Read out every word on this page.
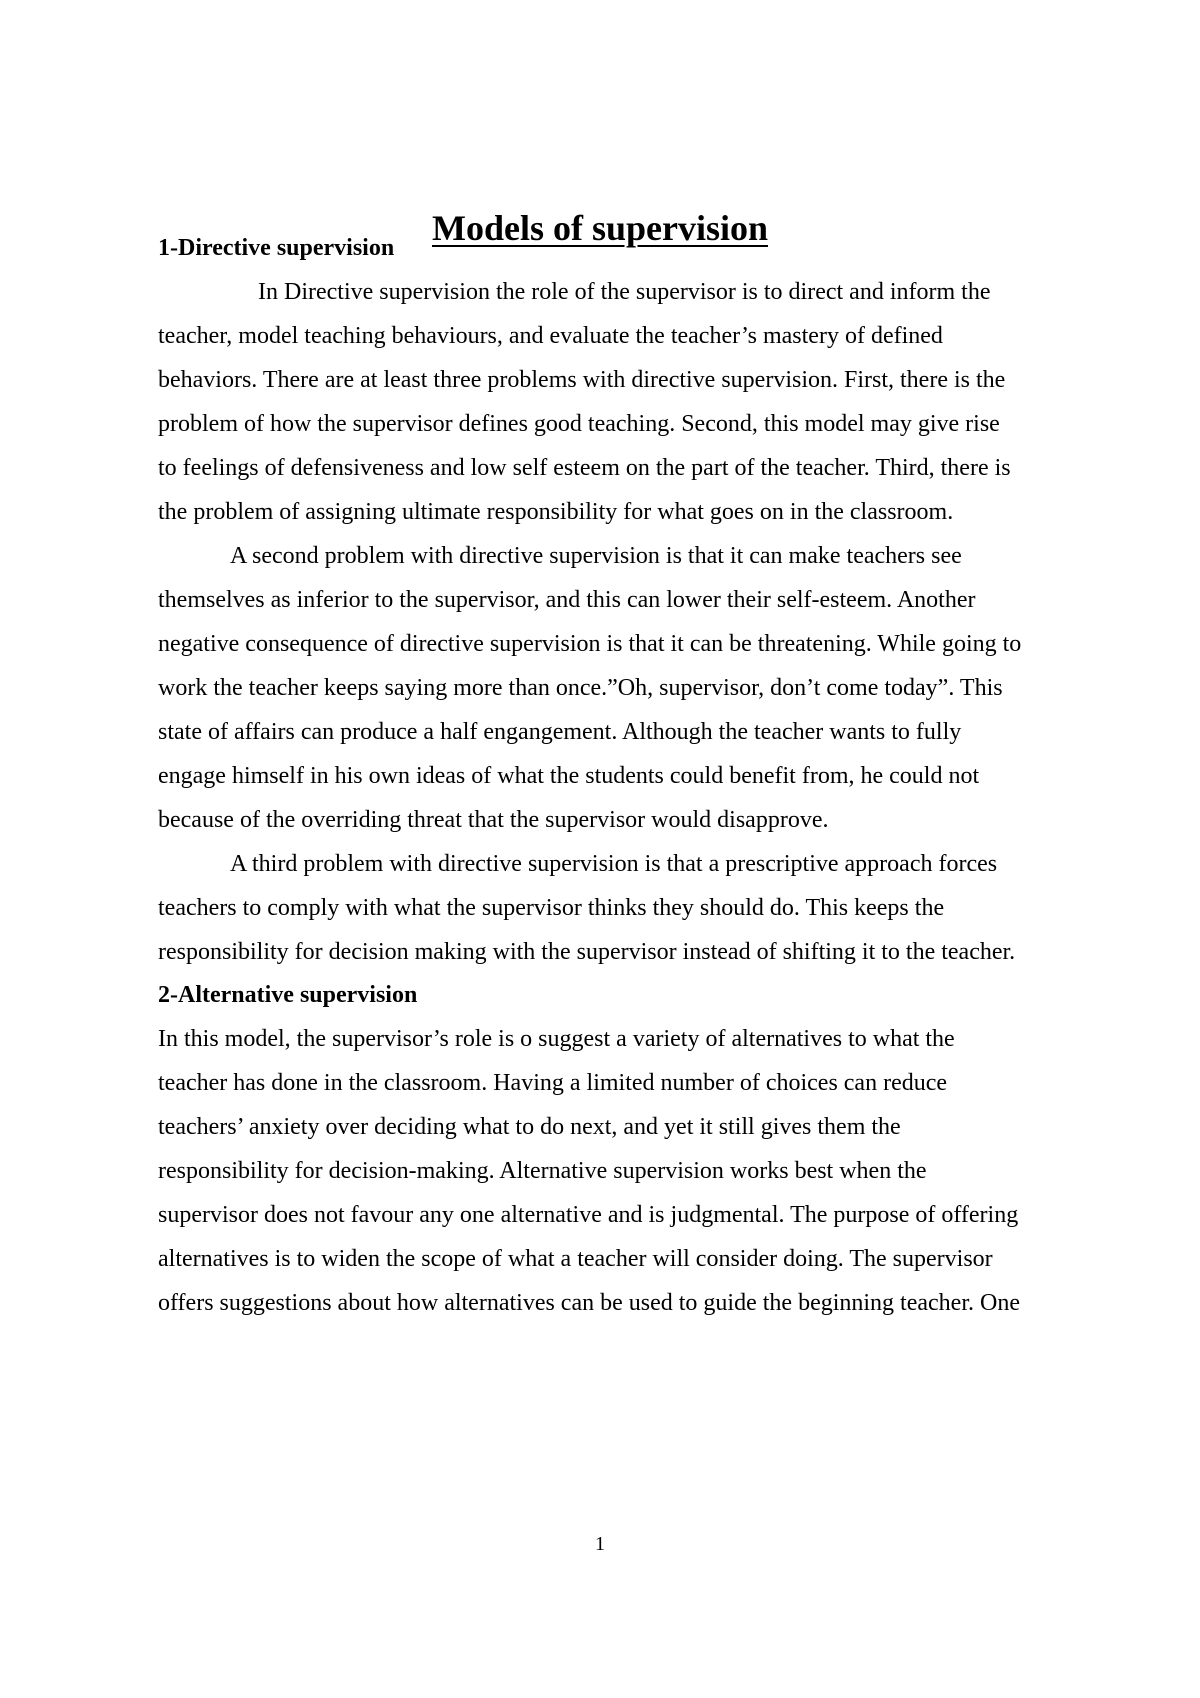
Models of supervision
1-Directive supervision
In Directive supervision the role of the supervisor is to direct and inform the
teacher, model teaching behaviours, and evaluate the teacher’s mastery of defined
behaviors. There are at least three problems with directive supervision. First, there is the
problem of how the supervisor defines good teaching. Second, this model may give rise
to feelings of defensiveness and low self esteem on the part of the teacher. Third, there is
the problem of assigning ultimate responsibility for what goes on in the classroom.
A second problem with directive supervision is that it can make teachers see
themselves as inferior to the supervisor, and this can lower their self-esteem. Another
negative consequence of directive supervision is that it can be threatening. While going to
work the teacher keeps saying more than once.”Oh, supervisor, don’t come today”. This
state of affairs can produce a half engangement. Although the teacher wants to fully
engage himself in his own ideas of what the students could benefit from, he could not
because of the overriding threat that the supervisor would disapprove.
A third problem with directive supervision is that a prescriptive approach forces
teachers to comply with what the supervisor thinks they should do. This keeps the
responsibility for decision making with the supervisor instead of shifting it to the teacher.
2-Alternative supervision
In this model, the supervisor’s role is o suggest a variety of alternatives to what the
teacher has done in the classroom. Having a limited number of choices can reduce
teachers’ anxiety over deciding what to do next, and yet it still gives them the
responsibility for decision-making. Alternative supervision works best when the
supervisor does not favour any one alternative and is judgmental. The purpose of offering
alternatives is to widen the scope of what a teacher will consider doing. The supervisor
offers suggestions about how alternatives can be used to guide the beginning teacher. One
1
